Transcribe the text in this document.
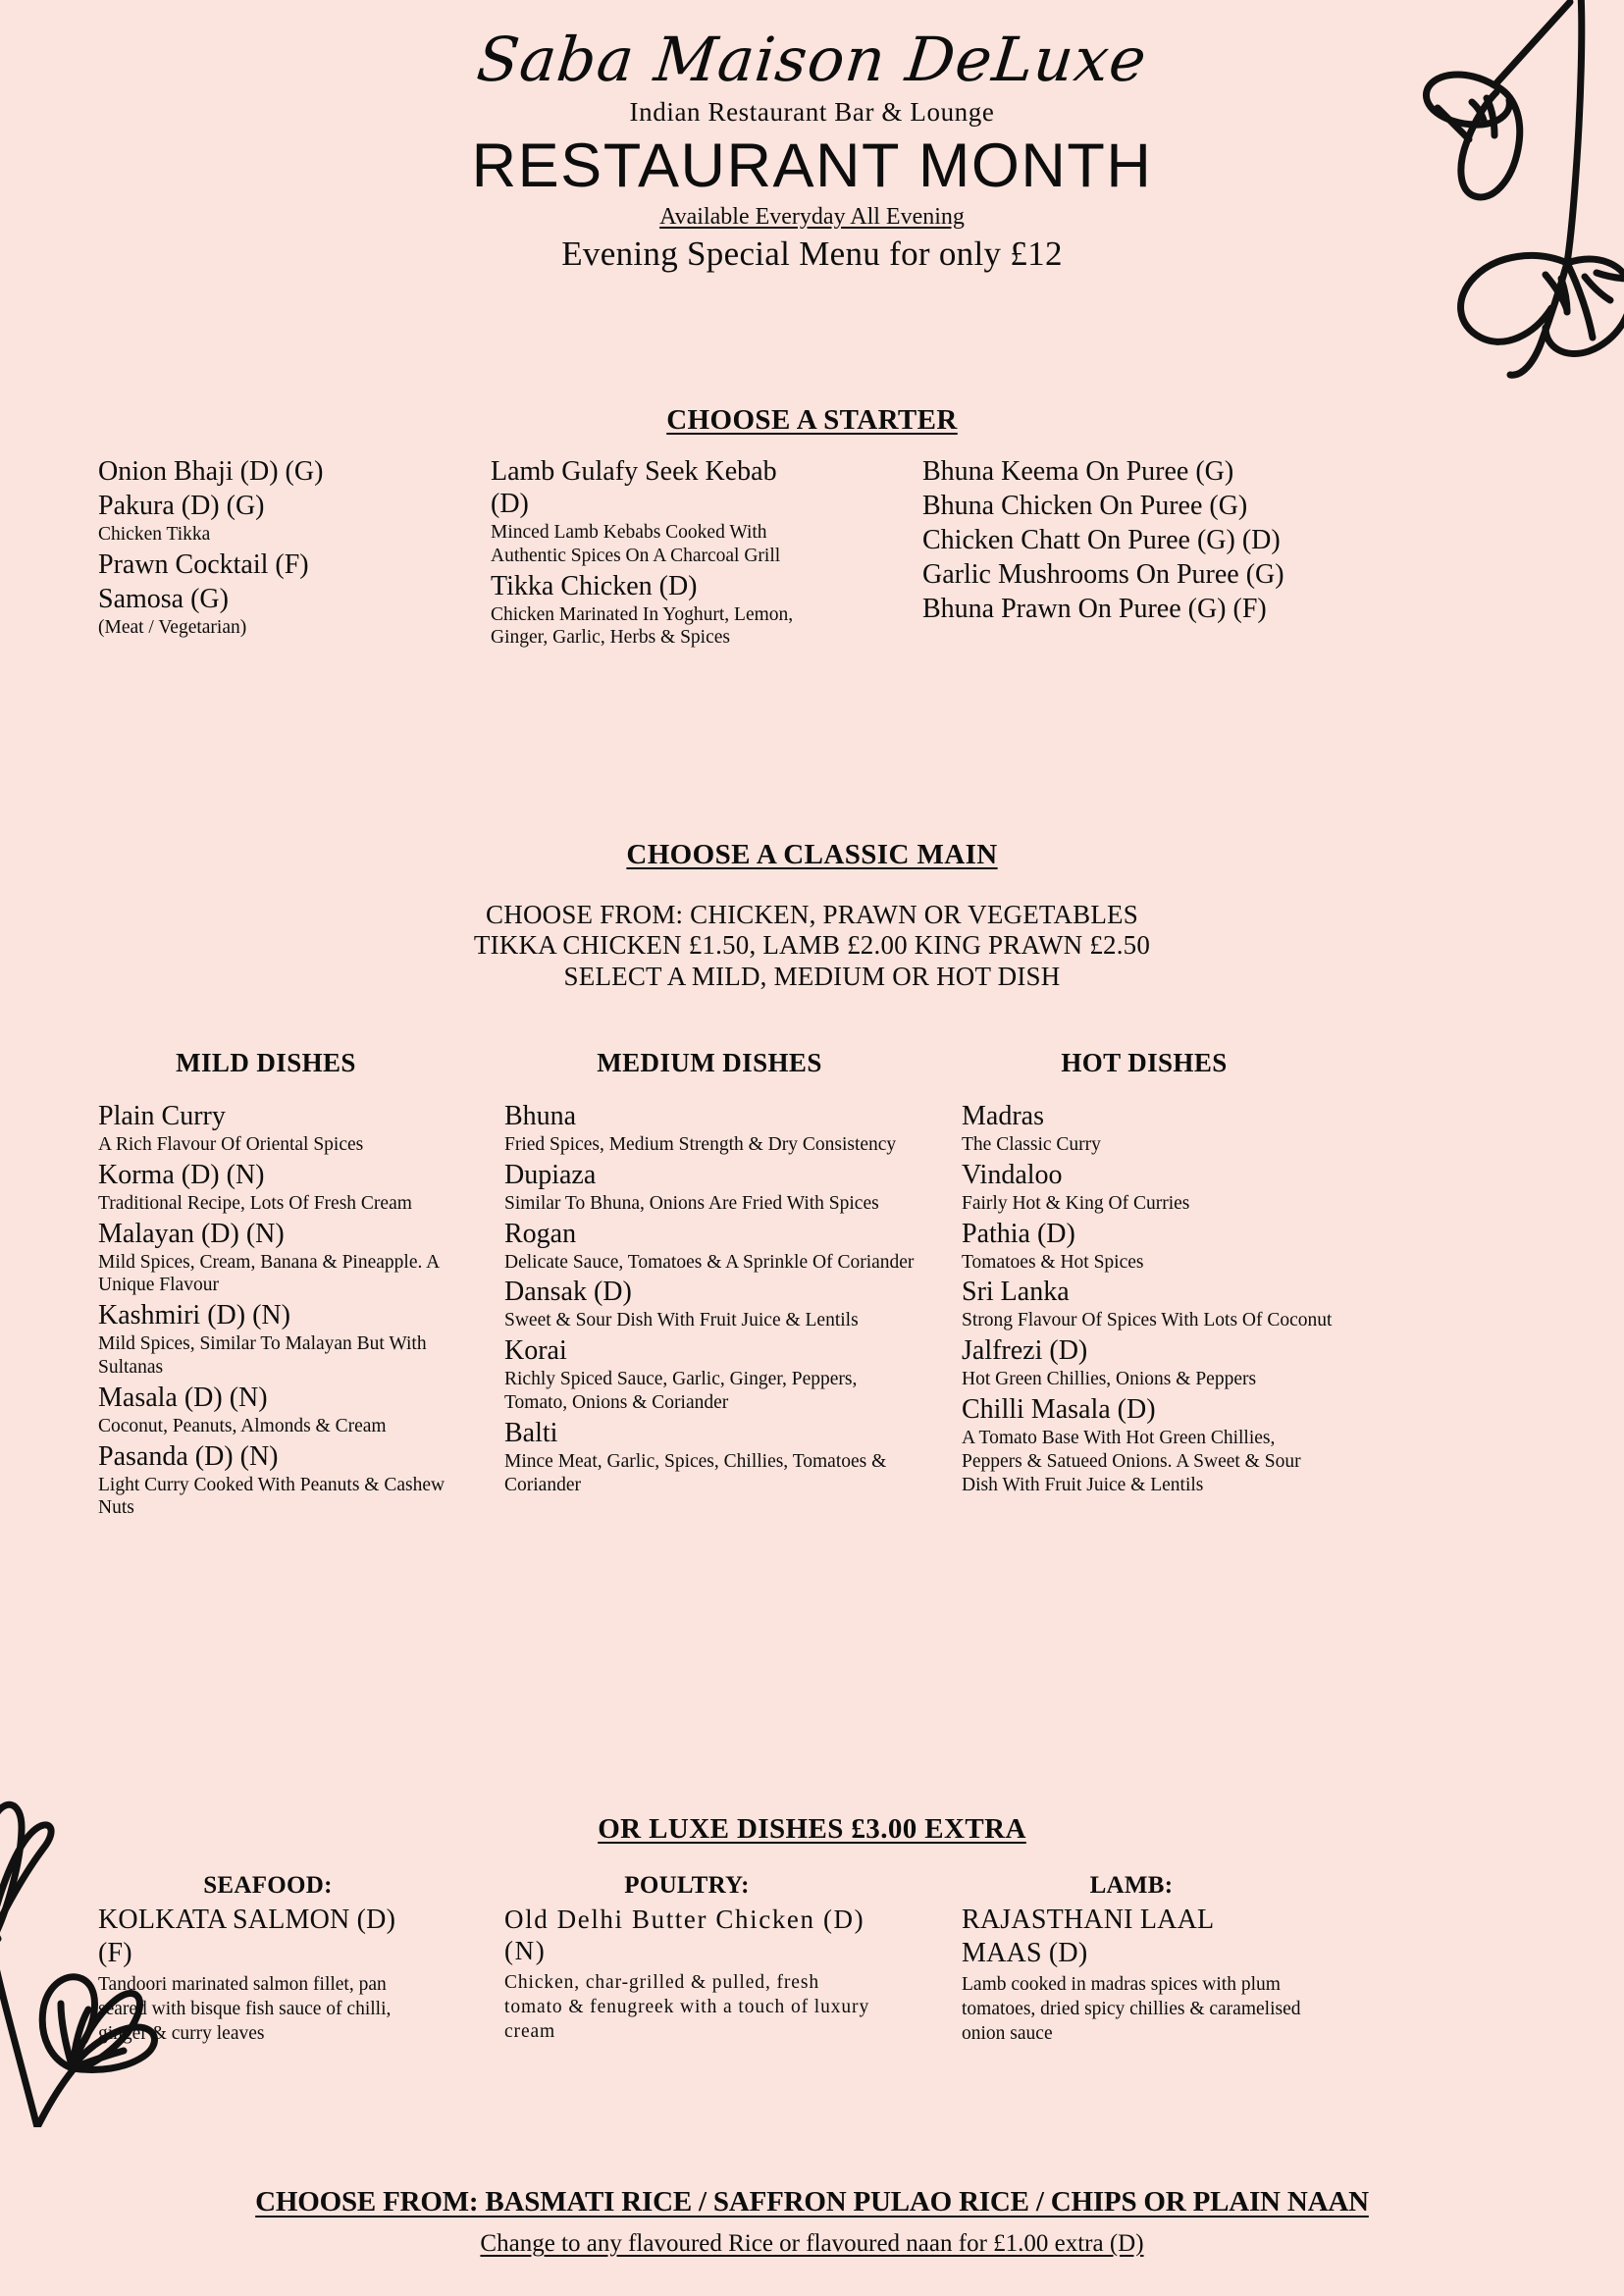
Saba Maison DeLuxe
Indian Restaurant Bar & Lounge
RESTAURANT MONTH
Available Everyday All Evening
Evening Special Menu for only £12
CHOOSE A STARTER
Onion Bhaji (D) (G)
Pakura (D) (G)
Chicken Tikka
Prawn Cocktail (F)
Samosa (G)
(Meat / Vegetarian)
Lamb Gulafy Seek Kebab (D)
Minced Lamb Kebabs Cooked With Authentic Spices On A Charcoal Grill
Tikka Chicken (D)
Chicken Marinated In Yoghurt, Lemon, Ginger, Garlic, Herbs & Spices
Bhuna Keema On Puree (G)
Bhuna Chicken On Puree (G)
Chicken Chatt On Puree (G) (D)
Garlic Mushrooms On Puree (G)
Bhuna Prawn On Puree (G) (F)
CHOOSE A CLASSIC MAIN
CHOOSE FROM: CHICKEN, PRAWN OR VEGETABLES
TIKKA CHICKEN £1.50, LAMB £2.00 KING PRAWN £2.50
SELECT A MILD, MEDIUM OR HOT DISH
MILD DISHES
Plain Curry
A Rich Flavour Of Oriental Spices
Korma (D) (N)
Traditional Recipe, Lots Of Fresh Cream
Malayan (D) (N)
Mild Spices, Cream, Banana & Pineapple. A Unique Flavour
Kashmiri (D) (N)
Mild Spices, Similar To Malayan But With Sultanas
Masala (D) (N)
Coconut, Peanuts, Almonds & Cream
Pasanda (D) (N)
Light Curry Cooked With Peanuts & Cashew Nuts
MEDIUM DISHES
Bhuna
Fried Spices, Medium Strength & Dry Consistency
Dupiaza
Similar To Bhuna, Onions Are Fried With Spices
Rogan
Delicate Sauce, Tomatoes & A Sprinkle Of Coriander
Dansak (D)
Sweet & Sour Dish With Fruit Juice & Lentils
Korai
Richly Spiced Sauce, Garlic, Ginger, Peppers, Tomato, Onions & Coriander
Balti
Mince Meat, Garlic, Spices, Chillies, Tomatoes & Coriander
HOT DISHES
Madras
The Classic Curry
Vindaloo
Fairly Hot & King Of Curries
Pathia (D)
Tomatoes & Hot Spices
Sri Lanka
Strong Flavour Of Spices With Lots Of Coconut
Jalfrezi (D)
Hot Green Chillies, Onions & Peppers
Chilli Masala (D)
A Tomato Base With Hot Green Chillies, Peppers & Satueed Onions. A Sweet & Sour Dish With Fruit Juice & Lentils
OR LUXE DISHES £3.00 EXTRA
SEAFOOD:
KOLKATA SALMON (D) (F)
Tandoori marinated salmon fillet, pan seared with bisque fish sauce of chilli, ginger & curry leaves
POULTRY:
Old Delhi Butter Chicken (D)(N)
Chicken, char-grilled & pulled, fresh tomato & fenugreek with a touch of luxury cream
LAMB:
RAJASTHANI LAAL MAAS (D)
Lamb cooked in madras spices with plum tomatoes, dried spicy chillies & caramelised onion sauce
CHOOSE FROM: BASMATI RICE / SAFFRON PULAO RICE / CHIPS OR PLAIN NAAN
Change to any flavoured Rice or flavoured naan for £1.00 extra (D)
